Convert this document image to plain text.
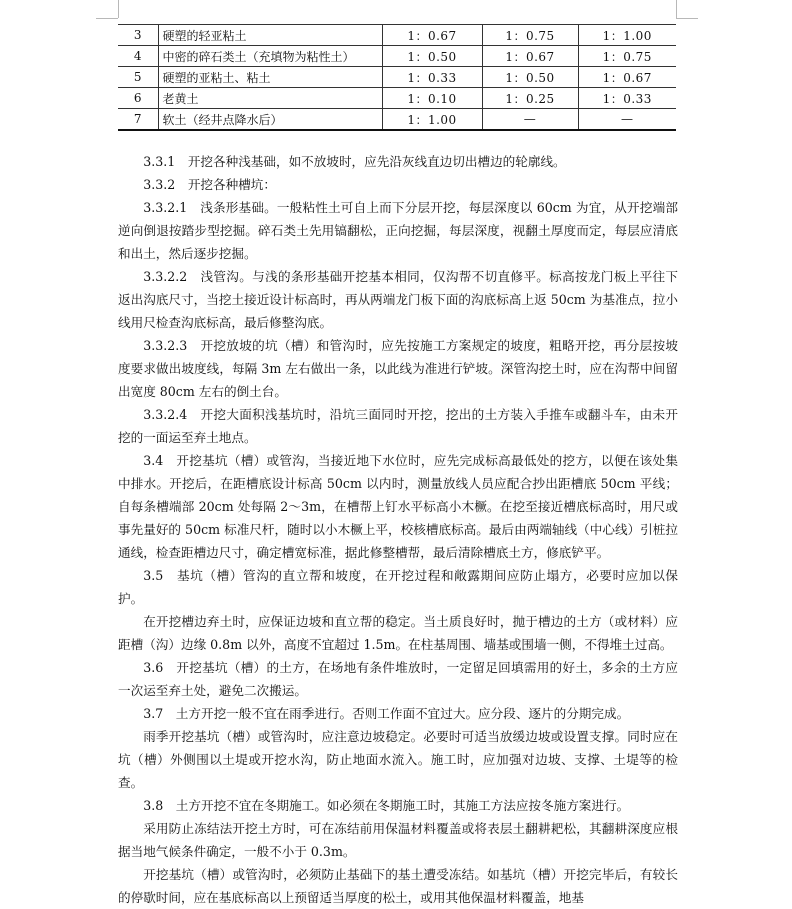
3	硬塑的轻亚粘土	1：0.67	1：0.75	1：1.00
4	中密的碎石类土（充填物为粘性土）	1：0.50	1：0.67	1：0.75
5	硬塑的亚粘土、粘土	1：0.33	1：0.50	1：0.67
6	老黄土	1：0.10	1：0.25	1：0.33
7	软土（经井点降水后）	1：1.00	—	—

3.3.1　开挖各种浅基础，如不放坡时，应先沿灰线直边切出槽边的轮廓线。

3.3.2　开挖各种槽坑：

3.3.2.1　浅条形基础。一般粘性土可自上而下分层开挖，每层深度以 60cm 为宜，从开挖端部逆向倒退按踏步型挖掘。碎石类土先用镐翻松，正向挖掘，每层深度，视翻土厚度而定，每层应清底和出土，然后逐步挖掘。

3.3.2.2　浅管沟。与浅的条形基础开挖基本相同，仅沟帮不切直修平。标高按龙门板上平往下返出沟底尺寸，当挖土接近设计标高时，再从两端龙门板下面的沟底标高上返 50cm 为基准点，拉小线用尺检查沟底标高，最后修整沟底。

3.3.2.3　开挖放坡的坑（槽）和管沟时，应先按施工方案规定的坡度，粗略开挖，再分层按坡度要求做出坡度线，每隔 3m 左右做出一条，以此线为准进行铲坡。深管沟挖土时，应在沟帮中间留出宽度 80cm 左右的倒土台。

3.3.2.4　开挖大面积浅基坑时，沿坑三面同时开挖，挖出的土方装入手推车或翻斗车，由未开挖的一面运至弃土地点。

3.4　开挖基坑（槽）或管沟，当接近地下水位时，应先完成标高最低处的挖方，以便在该处集中排水。开挖后，在距槽底设计标高 50cm 以内时，测量放线人员应配合抄出距槽底 50cm 平线；自每条槽端部 20cm 处每隔 2～3m，在槽帮上钉水平标高小木橛。在挖至接近槽底标高时，用尺或事先量好的 50cm 标准尺杆，随时以小木橛上平，校核槽底标高。最后由两端轴线（中心线）引桩拉通线，检查距槽边尺寸，确定槽宽标准，据此修整槽帮，最后清除槽底土方，修底铲平。

3.5　基坑（槽）管沟的直立帮和坡度，在开挖过程和敞露期间应防止塌方，必要时应加以保护。

在开挖槽边弃土时，应保证边坡和直立帮的稳定。当土质良好时，抛于槽边的土方（或材料）应距槽（沟）边缘 0.8m 以外，高度不宜超过 1.5m。在柱基周围、墙基或围墙一侧，不得堆土过高。

3.6　开挖基坑（槽）的土方，在场地有条件堆放时，一定留足回填需用的好土，多余的土方应一次运至弃土处，避免二次搬运。

3.7　土方开挖一般不宜在雨季进行。否则工作面不宜过大。应分段、逐片的分期完成。

雨季开挖基坑（槽）或管沟时，应注意边坡稳定。必要时可适当放缓边坡或设置支撑。同时应在坑（槽）外侧围以土堤或开挖水沟，防止地面水流入。施工时，应加强对边坡、支撑、土堤等的检查。

3.8　土方开挖不宜在冬期施工。如必须在冬期施工时，其施工方法应按冬施方案进行。

采用防止冻结法开挖土方时，可在冻结前用保温材料覆盖或将表层土翻耕耙松，其翻耕深度应根据当地气候条件确定，一般不小于 0.3m。

开挖基坑（槽）或管沟时，必须防止基础下的基土遭受冻结。如基坑（槽）开挖完毕后，有较长的停歇时间，应在基底标高以上预留适当厚度的松土，或用其他保温材料覆盖，地基
